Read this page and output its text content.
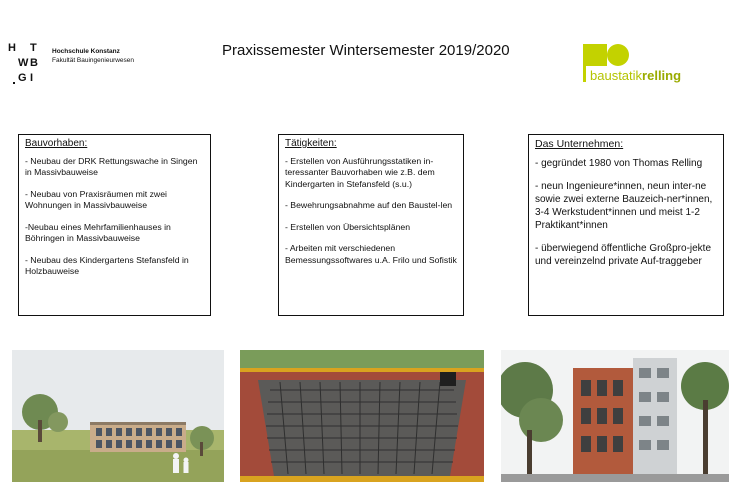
H T
W B
G I
Hochschule Konstanz
Fakultät Bauingenieurwesen
Praxissemester Wintersemester 2019/2020
baustatikrelling
Bauvorhaben:

- Neubau der DRK Rettungswache in Singen in Massivbauweise

- Neubau von Praxisräumen mit zwei Wohnungen in Massivbauweise

-Neubau eines Mehrfamilienhauses in Böhringen in Massivbauweise

- Neubau des Kindergartens Stefansfeld in Holzbauweise

Tätigkeiten:

- Erstellen von Ausführungsstatiken in-teressanter Bauvorhaben wie z.B. dem Kindergarten in Stefansfeld (s.u.)

- Bewehrungsabnahme auf den Baustel-len

- Erstellen von Übersichtsplänen

- Arbeiten mit verschiedenen Bemessungssoftwares u.A. Frilo und Sofistik

Das Unternehmen:

- gegründet 1980 von Thomas Relling

- neun Ingenieure*innen, neun inter-ne sowie zwei externe Bauzeich-ner*innen, 3-4 Werkstudent*innen und meist 1-2 Praktikant*innen

- überwiegend öffentliche Großpro-jekte und vereinzelnd private Auf-traggeber
